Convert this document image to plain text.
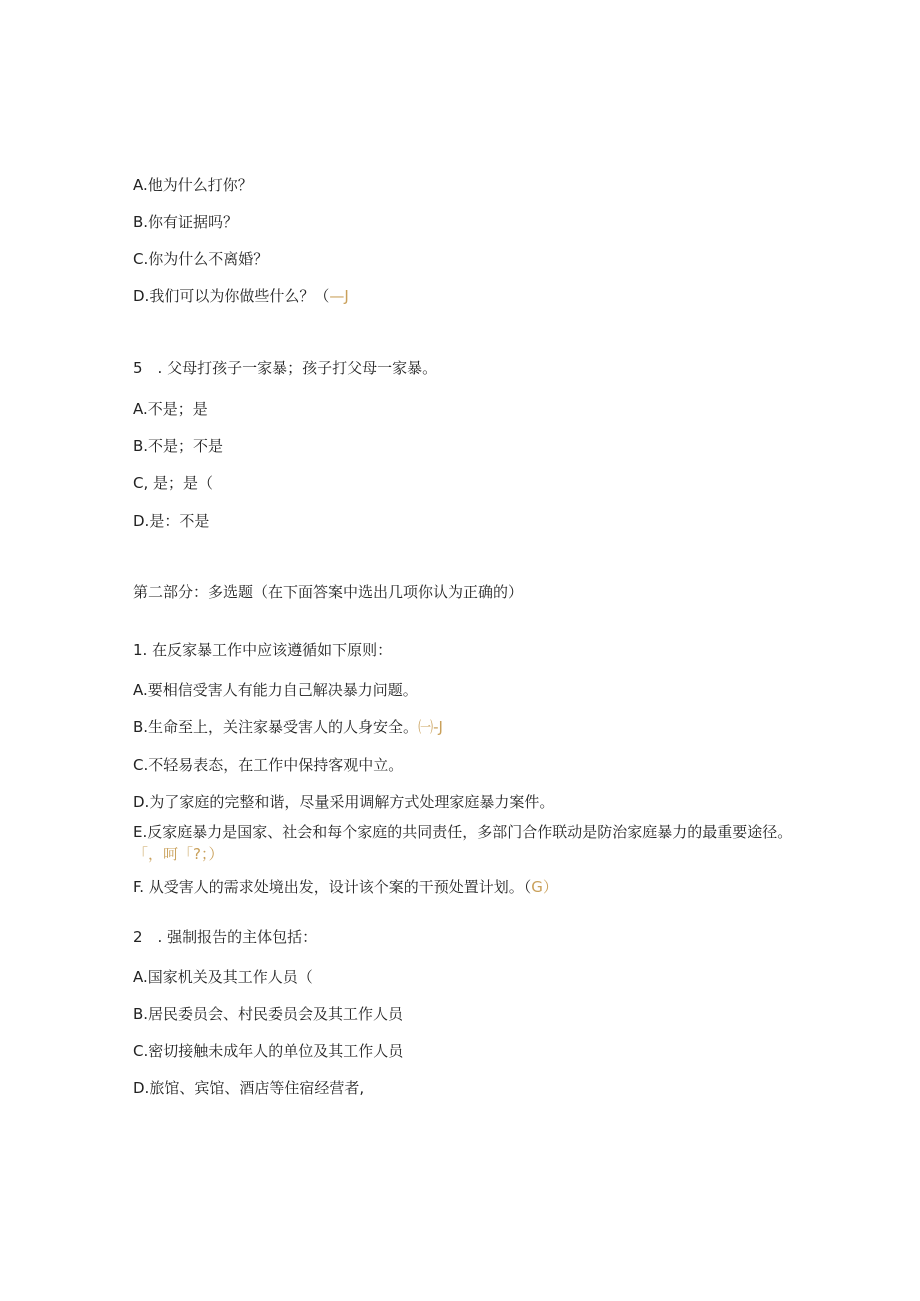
A.他为什么打你？
B.你有证据吗？
C.你为什么不离婚？
D.我们可以为你做些什么？（—J
5　. 父母打孩子一家暴；孩子打父母一家暴。
A.不是；是
B.不是；不是
C, 是；是（
D.是：不是
第二部分：多选题（在下面答案中选出几项你认为正确的）
1. 在反家暴工作中应该遵循如下原则：
A.要相信受害人有能力自己解决暴力问题。
B.生命至上，关注家暴受害人的人身安全。㈠-J
C.不轻易表态，在工作中保持客观中立。
D.为了家庭的完整和谐，尽量采用调解方式处理家庭暴力案件。
E.反家庭暴力是国家、社会和每个家庭的共同责任，多部门合作联动是防治家庭暴力的最重要途径。「，呵「?；）
F. 从受害人的需求处境出发，设计该个案的干预处置计划。（G）
2　. 强制报告的主体包括：
A.国家机关及其工作人员（
B.居民委员会、村民委员会及其工作人员
C.密切接触未成年人的单位及其工作人员
D.旅馆、宾馆、酒店等住宿经营者,
